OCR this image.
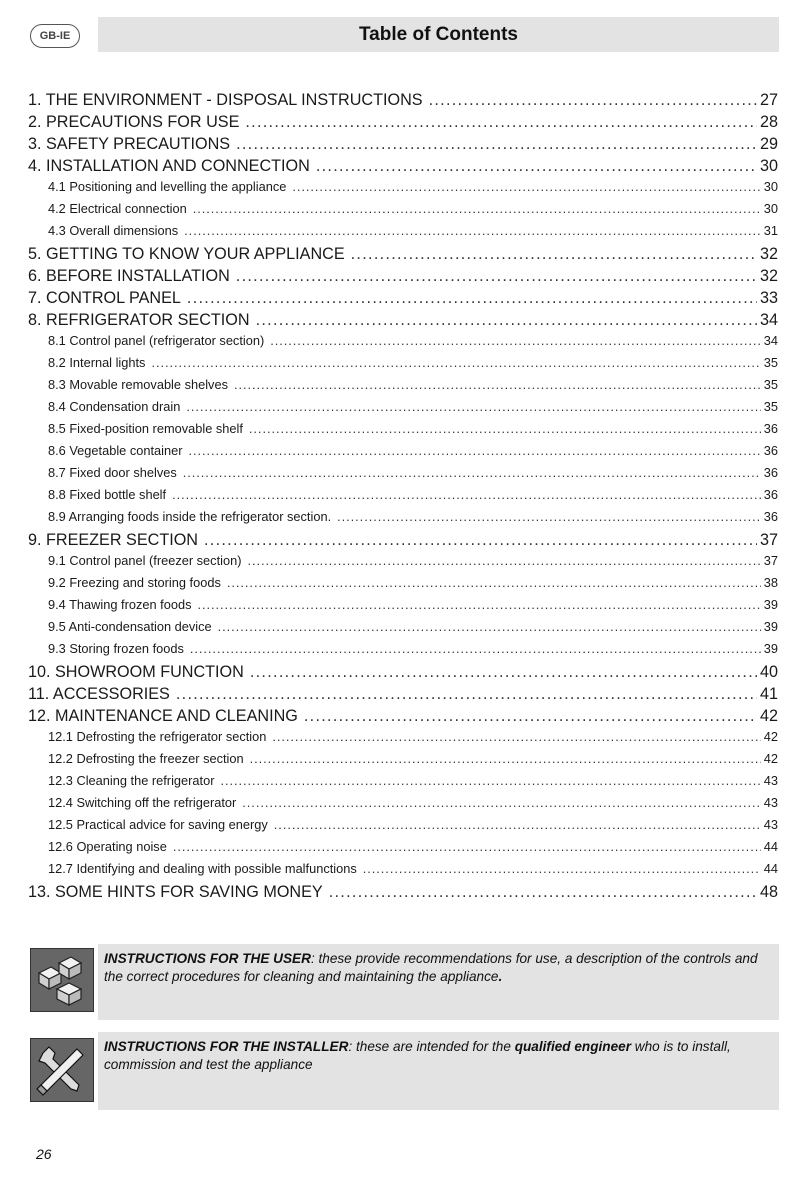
GB-IE	Table of Contents
1. THE ENVIRONMENT - DISPOSAL INSTRUCTIONS . . .	27
2. PRECAUTIONS FOR USE . . .	28
3. SAFETY PRECAUTIONS . . .	29
4. INSTALLATION AND CONNECTION . . .	30
4.1 Positioning and levelling the appliance . . .	30
4.2 Electrical connection . . .	30
4.3 Overall dimensions . . .	31
5. GETTING TO KNOW YOUR APPLIANCE . . .	32
6. BEFORE INSTALLATION . . .	32
7. CONTROL PANEL . . .	33
8. REFRIGERATOR SECTION . . .	34
8.1 Control panel (refrigerator section) . . .	34
8.2 Internal lights . . .	35
8.3 Movable removable shelves . . .	35
8.4 Condensation drain . . .	35
8.5 Fixed-position removable shelf . . .	36
8.6 Vegetable container . . .	36
8.7 Fixed door shelves . . .	36
8.8 Fixed bottle shelf . . .	36
8.9 Arranging foods inside the refrigerator section. . . .	36
9. FREEZER SECTION . . .	37
9.1 Control panel (freezer section) . . .	37
9.2 Freezing and storing foods . . .	38
9.4 Thawing frozen foods . . .	39
9.5 Anti-condensation device . . .	39
9.3 Storing frozen foods . . .	39
10. SHOWROOM FUNCTION . . .	40
11. ACCESSORIES . . .	41
12. MAINTENANCE AND CLEANING . . .	42
12.1 Defrosting the refrigerator section . . .	42
12.2 Defrosting the freezer section . . .	42
12.3 Cleaning the refrigerator . . .	43
12.4 Switching off the refrigerator . . .	43
12.5 Practical advice for saving energy . . .	43
12.6 Operating noise . . .	44
12.7 Identifying and dealing with possible malfunctions . . .	44
13. SOME HINTS FOR SAVING MONEY . . .	48
INSTRUCTIONS FOR THE USER: these provide recommendations for use, a description of the controls and the correct procedures for cleaning and maintaining the appliance.
INSTRUCTIONS FOR THE INSTALLER: these are intended for the qualified engineer who is to install, commission and test the appliance
26
